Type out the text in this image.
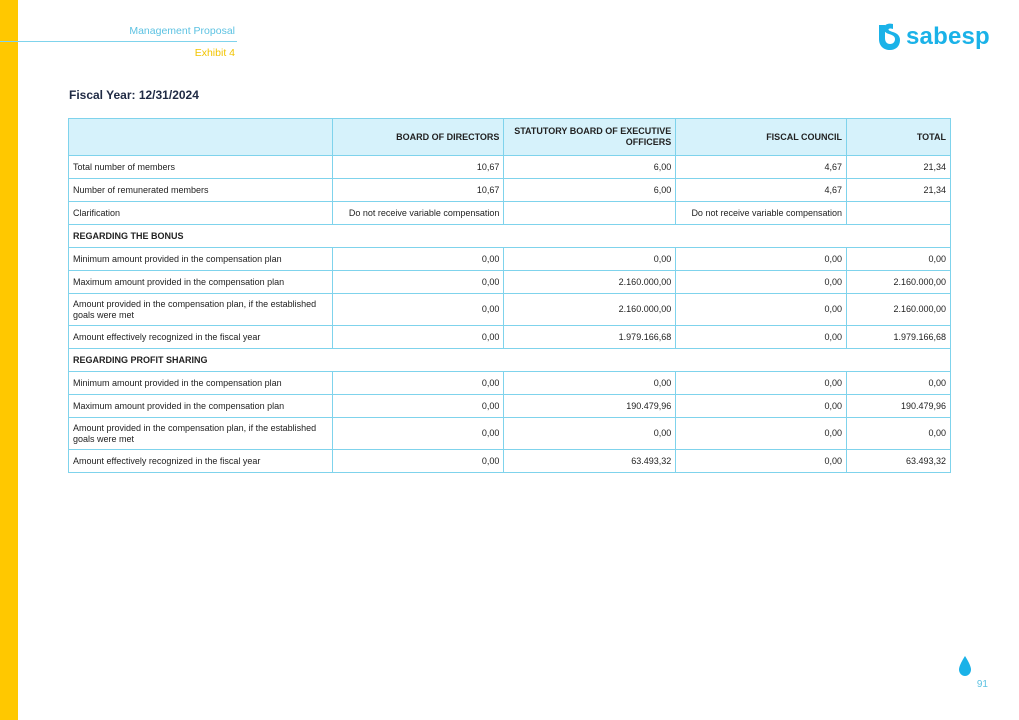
Management Proposal
Exhibit 4
sabesp
Fiscal Year: 12/31/2024
	BOARD OF DIRECTORS	STATUTORY BOARD OF EXECUTIVE OFFICERS	FISCAL COUNCIL	TOTAL
Total number of members	10,67	6,00	4,67	21,34
Number of remunerated members	10,67	6,00	4,67	21,34
Clarification	Do not receive variable compensation		Do not receive variable compensation	
REGARDING THE BONUS				
Minimum amount provided in the compensation plan	0,00	0,00	0,00	0,00
Maximum amount provided in the compensation plan	0,00	2.160.000,00	0,00	2.160.000,00
Amount provided in the compensation plan, if the established goals were met	0,00	2.160.000,00	0,00	2.160.000,00
Amount effectively recognized in the fiscal year	0,00	1.979.166,68	0,00	1.979.166,68
REGARDING PROFIT SHARING				
Minimum amount provided in the compensation plan	0,00	0,00	0,00	0,00
Maximum amount provided in the compensation plan	0,00	190.479,96	0,00	190.479,96
Amount provided in the compensation plan, if the established goals were met	0,00	0,00	0,00	0,00
Amount effectively recognized in the fiscal year	0,00	63.493,32	0,00	63.493,32
91
